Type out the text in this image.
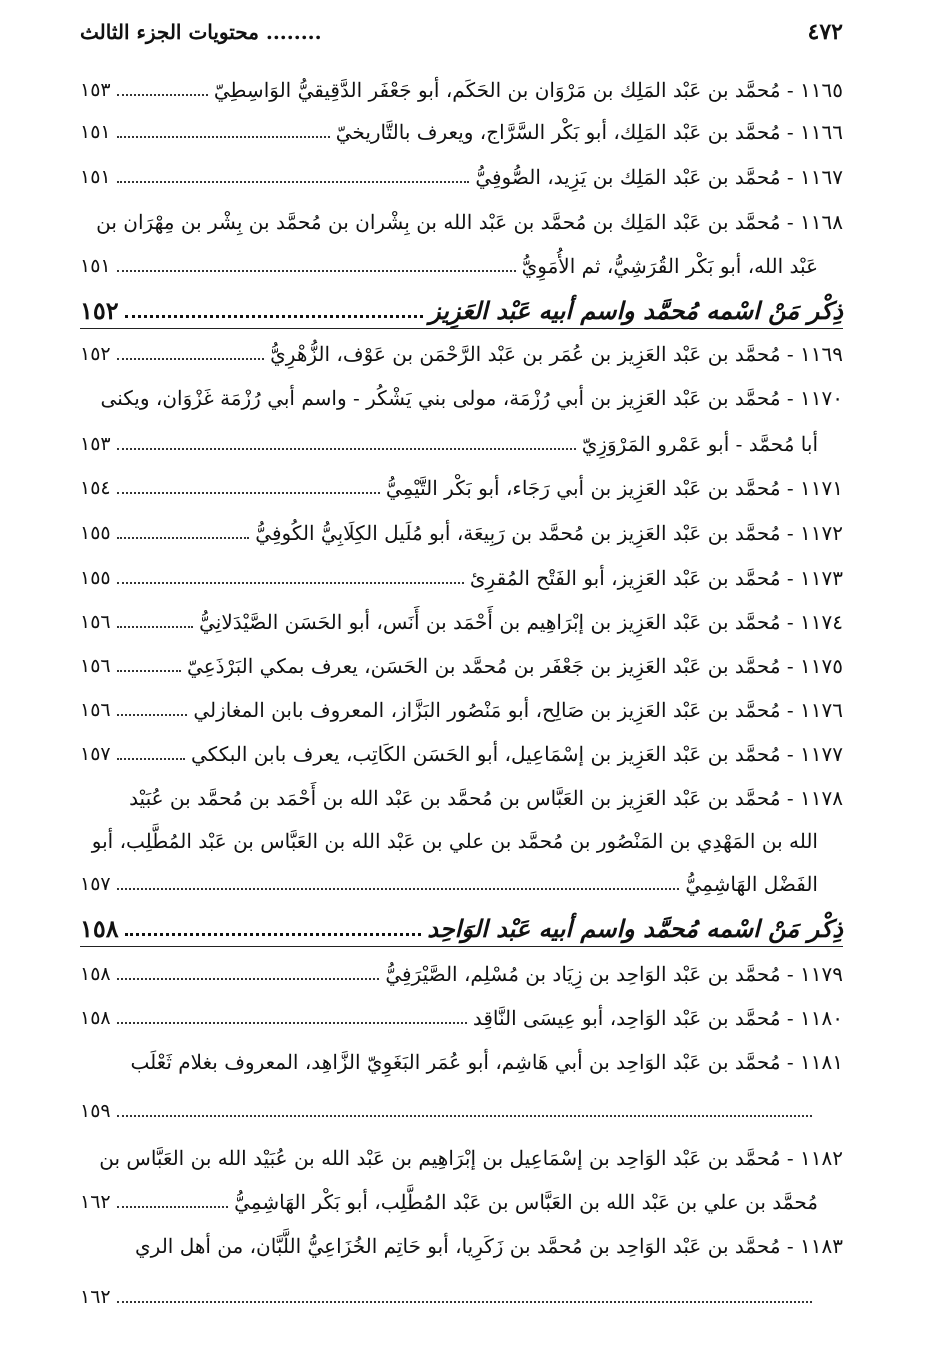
٤٧٢
........ محتويات الجزء الثالث
١١٦٥ - مُحمَّد بن عَبْد المَلِك بن مَرْوَان بن الحَكَم، أبو جَعْفَر الدَّقِيقيُّ الوَاسِطِيّ
١٥٣
١١٦٦ - مُحمَّد بن عَبْد المَلِك، أبو بَكْر السَّرَّاج، ويعرف بالتَّاريخيّ
١٥١
١١٦٧ - مُحمَّد بن عَبْد المَلِك بن يَزِيد، الصُّوفِيُّ
١٥١
١١٦٨ - مُحمَّد بن عَبْد المَلِك بن مُحمَّد بن عَبْد الله بن بِشْران بن مُحمَّد بن بِشْر بن مِهْرَان بن
عَبْد الله، أبو بَكْر القُرَشِيُّ، ثم الأُمَوِيُّ
١٥١
ذِكْر مَنْ اسْمه مُحمَّد واسم أبيه عَبْد العَزِيز
١٥٢
١١٦٩ - مُحمَّد بن عَبْد العَزِيز بن عُمَر بن عَبْد الرَّحْمَن بن عَوْف، الزُّهْرِيُّ
١٥٢
١١٧٠ - مُحمَّد بن عَبْد العَزِيز بن أبي رُزْمَة، مولى بني يَشْكُر - واسم أبي رُزْمَة غَزْوَان، ويكنى
أبا مُحمَّد - أبو عَمْرو المَرْوَزِيّ
١٥٣
١١٧١ - مُحمَّد بن عَبْد العَزِيز بن أبي رَجَاء، أبو بَكْر التَّيْمِيُّ
١٥٤
١١٧٢ - مُحمَّد بن عَبْد العَزِيز بن مُحمَّد بن رَبِيعَة، أبو مُلَيل الكِلَابِيُّ الكُوفِيُّ
١٥٥
١١٧٣ - مُحمَّد بن عَبْد العَزِيز، أبو الفَتْح المُقرِئ
١٥٥
١١٧٤ - مُحمَّد بن عَبْد العَزِيز بن إبْرَاهِيم بن أَحْمَد بن أَنَس، أبو الحَسَن الصَّيْدَلانِيُّ
١٥٦
١١٧٥ - مُحمَّد بن عَبْد العَزِيز بن جَعْفَر بن مُحمَّد بن الحَسَن، يعرف بمكي البَرْذَعِيّ
١٥٦
١١٧٦ - مُحمَّد بن عَبْد العَزِيز بن صَالِح، أبو مَنْصُور البَزَّاز، المعروف بابن المغازلي
١٥٦
١١٧٧ - مُحمَّد بن عَبْد العَزِيز بن إسْمَاعِيل، أبو الحَسَن الكَاتِب، يعرف بابن البككي
١٥٧
١١٧٨ - مُحمَّد بن عَبْد العَزِيز بن العَبَّاس بن مُحمَّد بن عَبْد الله بن أَحْمَد بن مُحمَّد بن عُبَيْد
الله بن المَهْدِي بن المَنْصُور بن مُحمَّد بن علي بن عَبْد الله بن العَبَّاس بن عَبْد المُطَّلِب، أبو
الفَضْل الهَاشِمِيُّ
١٥٧
ذِكْر مَنْ اسْمه مُحمَّد واسم أبيه عَبْد الوَاحِد
١٥٨
١١٧٩ - مُحمَّد بن عَبْد الوَاحِد بن زِيَاد بن مُسْلِم، الصَّيْرَفِيُّ
١٥٨
١١٨٠ - مُحمَّد بن عَبْد الوَاحِد، أبو عِيسَى النَّاقِد
١٥٨
١١٨١ - مُحمَّد بن عَبْد الوَاحِد بن أبي هَاشِم، أبو عُمَر البَغَوِيّ الزَّاهِد، المعروف بغلام ثَعْلَب
١٥٩
١١٨٢ - مُحمَّد بن عَبْد الوَاحِد بن إسْمَاعِيل بن إبْرَاهِيم بن عَبْد الله بن عُبَيْد الله بن العَبَّاس بن
مُحمَّد بن علي بن عَبْد الله بن العَبَّاس بن عَبْد المُطَّلِب، أبو بَكْر الهَاشِمِيُّ
١٦٢
١١٨٣ - مُحمَّد بن عَبْد الوَاحِد بن مُحمَّد بن زَكَرِيا، أبو حَاتِم الخُزَاعِيُّ اللَّبَّان، من أهل الري
١٦٢
